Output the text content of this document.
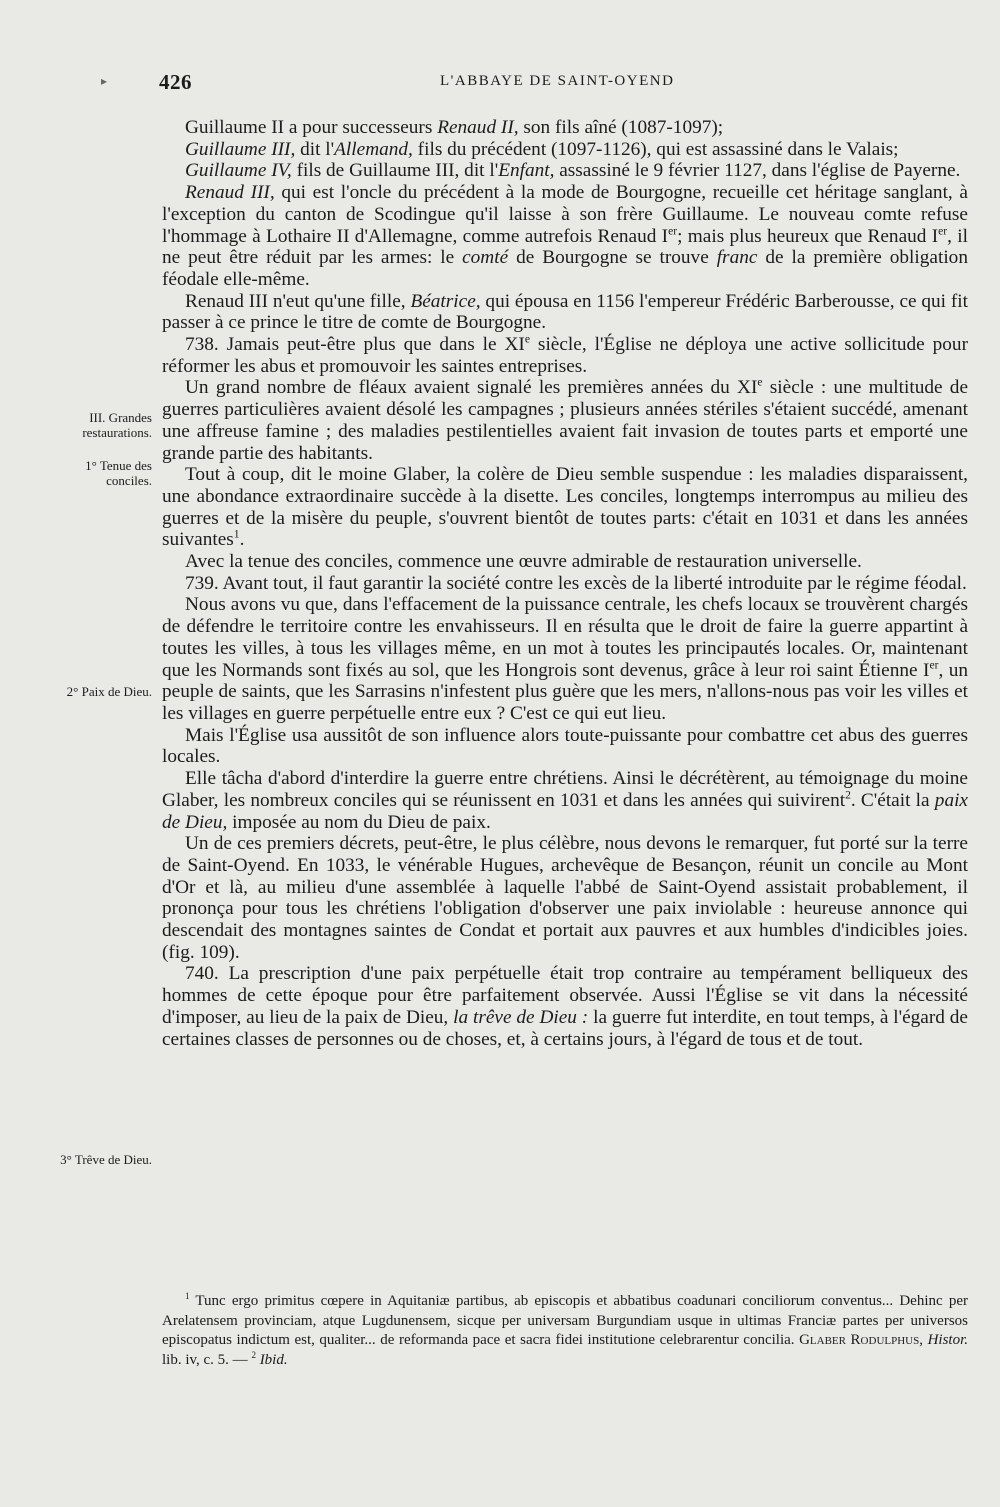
▸ 426	L'ABBAYE DE SAINT-OYEND
III. Grandes restaurations.
1° Tenue des conciles.
2° Paix de Dieu.
3° Trêve de Dieu.

Guillaume II a pour successeurs Renaud II, son fils aîné (1087-1097);

Guillaume III, dit l'Allemand, fils du précédent (1097-1126), qui est assassiné dans le Valais;

Guillaume IV, fils de Guillaume III, dit l'Enfant, assassiné le 9 février 1127, dans l'église de Payerne.

Renaud III, qui est l'oncle du précédent à la mode de Bourgogne, recueille cet héritage sanglant, à l'exception du canton de Scodingue qu'il laisse à son frère Guillaume. Le nouveau comte refuse l'hommage à Lothaire II d'Allemagne, comme autrefois Renaud Ier; mais plus heureux que Renaud Ier, il ne peut être réduit par les armes: le comté de Bourgogne se trouve franc de la première obligation féodale elle-même.

Renaud III n'eut qu'une fille, Béatrice, qui épousa en 1156 l'empereur Frédéric Barberousse, ce qui fit passer à ce prince le titre de comte de Bourgogne.

738. Jamais peut-être plus que dans le XIe siècle, l'Église ne déploya une active sollicitude pour réformer les abus et promouvoir les saintes entreprises.

Un grand nombre de fléaux avaient signalé les premières années du XIe siècle : une multitude de guerres particulières avaient désolé les campagnes ; plusieurs années stériles s'étaient succédé, amenant une affreuse famine ; des maladies pestilentielles avaient fait invasion de toutes parts et emporté une grande partie des habitants.

Tout à coup, dit le moine Glaber, la colère de Dieu semble suspendue : les maladies disparaissent, une abondance extraordinaire succède à la disette. Les conciles, longtemps interrompus au milieu des guerres et de la misère du peuple, s'ouvrent bientôt de toutes parts: c'était en 1031 et dans les années suivantes$^1$.

Avec la tenue des conciles, commence une œuvre admirable de restauration universelle.

739. Avant tout, il faut garantir la société contre les excès de la liberté introduite par le régime féodal.

Nous avons vu que, dans l'effacement de la puissance centrale, les chefs locaux se trouvèrent chargés de défendre le territoire contre les envahisseurs. Il en résulta que le droit de faire la guerre appartint à toutes les villes, à tous les villages même, en un mot à toutes les principautés locales. Or, maintenant que les Normands sont fixés au sol, que les Hongrois sont devenus, grâce à leur roi saint Étienne Ier, un peuple de saints, que les Sarrasins n'infestent plus guère que les mers, n'allons-nous pas voir les villes et les villages en guerre perpétuelle entre eux ? C'est ce qui eut lieu.

Mais l'Église usa aussitôt de son influence alors toute-puissante pour combattre cet abus des guerres locales.

Elle tâcha d'abord d'interdire la guerre entre chrétiens. Ainsi le décrétèrent, au témoignage du moine Glaber, les nombreux conciles qui se réunissent en 1031 et dans les années qui suivirent$^2$. C'était la paix de Dieu, imposée au nom du Dieu de paix.

Un de ces premiers décrets, peut-être, le plus célèbre, nous devons le remarquer, fut porté sur la terre de Saint-Oyend. En 1033, le vénérable Hugues, archevêque de Besançon, réunit un concile au Mont d'Or et là, au milieu d'une assemblée à laquelle l'abbé de Saint-Oyend assistait probablement, il prononça pour tous les chrétiens l'obligation d'observer une paix inviolable : heureuse annonce qui descendait des montagnes saintes de Condat et portait aux pauvres et aux humbles d'indicibles joies. (fig. 109).

740. La prescription d'une paix perpétuelle était trop contraire au tempérament belliqueux des hommes de cette époque pour être parfaitement observée. Aussi l'Église se vit dans la nécessité d'imposer, au lieu de la paix de Dieu, la trêve de Dieu : la guerre fut interdite, en tout temps, à l'égard de certaines classes de personnes ou de choses, et, à certains jours, à l'égard de tous et de tout.

$^1$ Tunc ergo primitus cœpere in Aquitaniæ partibus, ab episcopis et abbatibus coadunari conciliorum conventus... Dehinc per Arelatensem provinciam, atque Lugdunensem, sicque per universam Burgundiam usque in ultimas Franciæ partes per universos episcopatus indictum est, qualiter... de reformanda pace et sacra fidei institutione celebrarentur concilia. Glaber Rodulphus, Histor. lib. iv, c. 5. — $^2$ Ibid.
